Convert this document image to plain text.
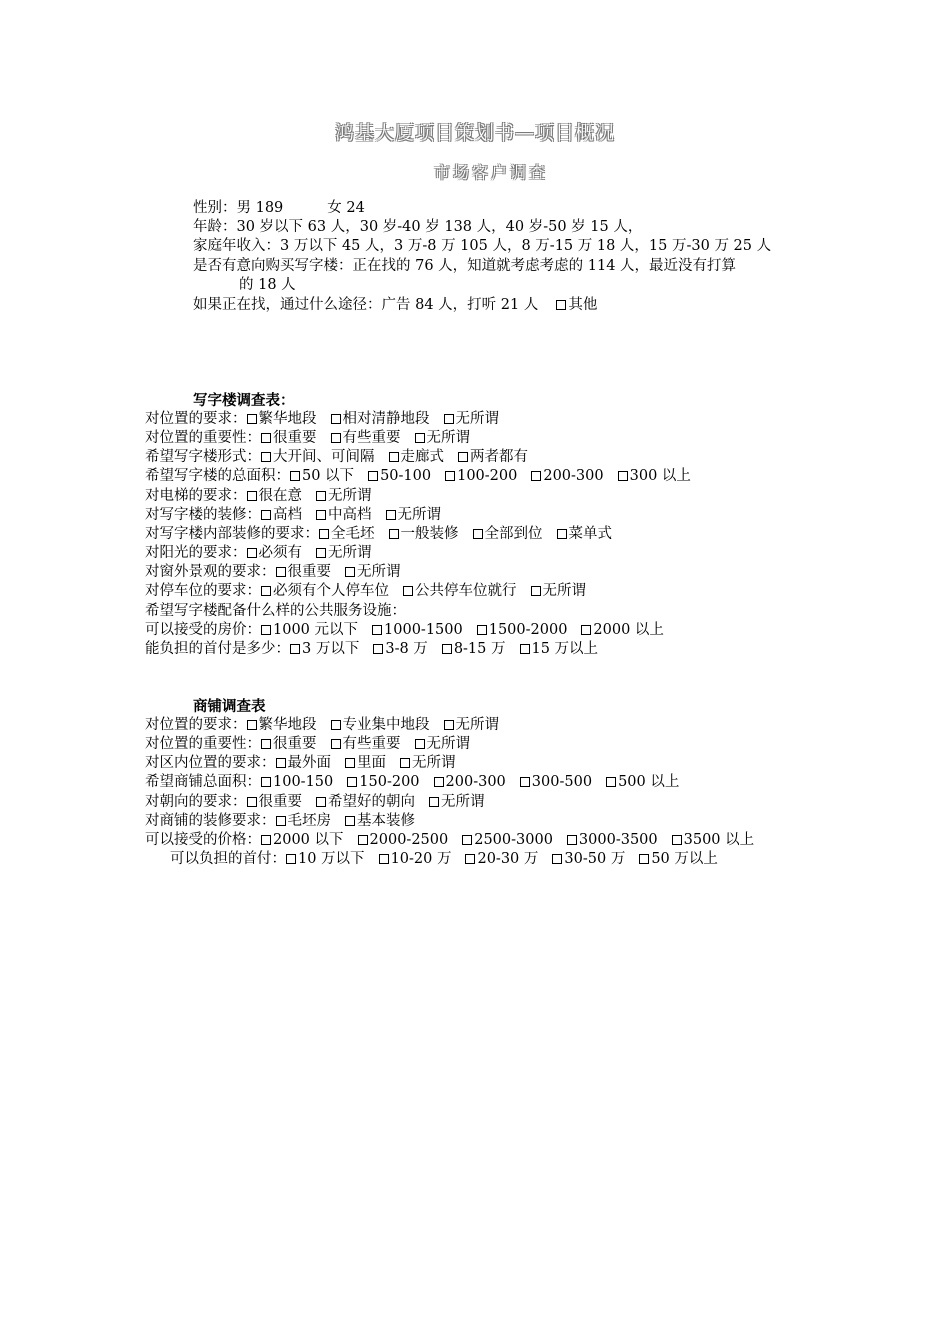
鸿基大厦项目策划书—项目概况
市场客户调查
性别：男 189	女 24
年龄：30 岁以下 63 人，30 岁-40 岁 138 人，40 岁-50 岁 15 人，
家庭年收入：3 万以下 45 人，3 万-8 万 105 人，8 万-15 万 18 人，15 万-30 万 25 人
是否有意向购买写字楼：正在找的 76 人，知道就考虑考虑的 114 人，最近没有打算
的 18 人
如果正在找，通过什么途径：广告 84 人，打听 21 人 其他
写字楼调查表：
对位置的要求： 繁华地段 相对清静地段 无所谓
对位置的重要性： 很重要 有些重要 无所谓
希望写字楼形式： 大开间、可间隔 走廊式 两者都有
希望写字楼的总面积： 50 以下 50-100 100-200 200-300 300 以上
对电梯的要求： 很在意 无所谓
对写字楼的装修： 高档 中高档 无所谓
对写字楼内部装修的要求： 全毛坯 一般装修 全部到位 菜单式
对阳光的要求： 必须有 无所谓
对窗外景观的要求： 很重要 无所谓
对停车位的要求： 必须有个人停车位 公共停车位就行 无所谓
希望写字楼配备什么样的公共服务设施：
可以接受的房价： 1000 元以下 1000-1500 1500-2000 2000 以上
能负担的首付是多少： 3 万以下 3-8 万 8-15 万 15 万以上
商铺调查表
对位置的要求： 繁华地段 专业集中地段 无所谓
对位置的重要性： 很重要 有些重要 无所谓
对区内位置的要求： 最外面 里面 无所谓
希望商铺总面积： 100-150 150-200 200-300 300-500 500 以上
对朝向的要求： 很重要 希望好的朝向 无所谓
对商铺的装修要求： 毛坯房 基本装修
可以接受的价格： 2000 以下 2000-2500 2500-3000 3000-3500 3500 以上
可以负担的首付： 10 万以下 10-20 万 20-30 万 30-50 万 50 万以上
